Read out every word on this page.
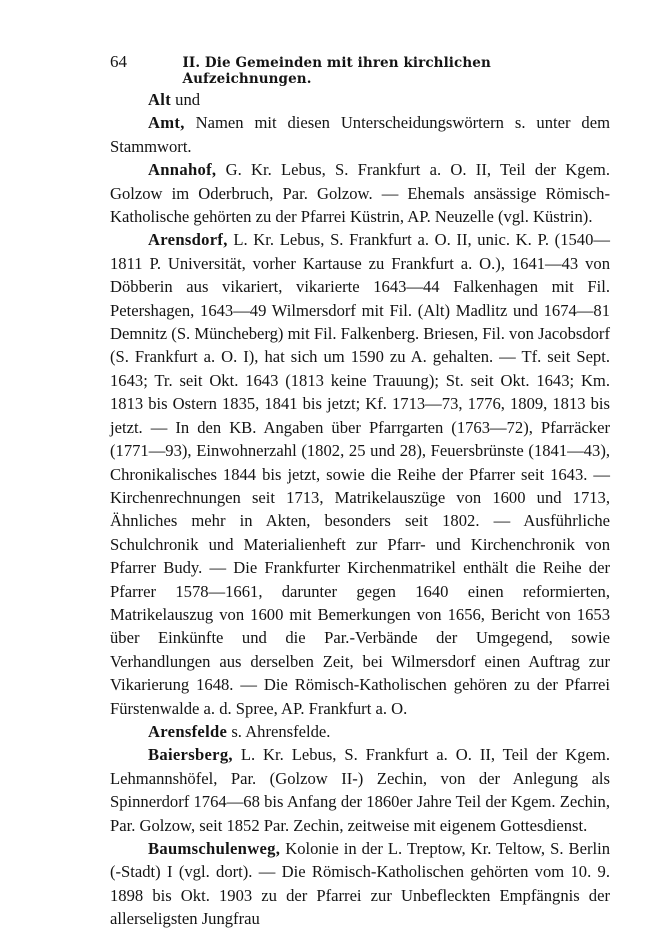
64	II. Die Gemeinden mit ihren kirchlichen Aufzeichnungen.

Alt und

Amt, Namen mit diesen Unterscheidungswörtern s. unter dem Stammwort.

Annahof, G. Kr. Lebus, S. Frankfurt a. O. II, Teil der Kgem. Golzow im Oderbruch, Par. Golzow. — Ehemals ansässige Römisch-Katholische gehörten zu der Pfarrei Küstrin, AP. Neuzelle (vgl. Küstrin).

Arensdorf, L. Kr. Lebus, S. Frankfurt a. O. II, unic. K. P. (1540—1811 P. Universität, vorher Kartause zu Frankfurt a. O.), 1641—43 von Döbberin aus vikariert, vikarierte 1643—44 Falkenhagen mit Fil. Petershagen, 1643—49 Wilmersdorf mit Fil. (Alt) Madlitz und 1674—81 Demnitz (S. Müncheberg) mit Fil. Falkenberg. Briesen, Fil. von Jacobsdorf (S. Frankfurt a. O. I), hat sich um 1590 zu A. gehalten. — Tf. seit Sept. 1643; Tr. seit Okt. 1643 (1813 keine Trauung); St. seit Okt. 1643; Km. 1813 bis Ostern 1835, 1841 bis jetzt; Kf. 1713—73, 1776, 1809, 1813 bis jetzt. — In den KB. Angaben über Pfarrgarten (1763—72), Pfarräcker (1771—93), Einwohnerzahl (1802, 25 und 28), Feuersbrünste (1841—43), Chronikalisches 1844 bis jetzt, sowie die Reihe der Pfarrer seit 1643. — Kirchenrechnungen seit 1713, Matrikelauszüge von 1600 und 1713, Ähnliches mehr in Akten, besonders seit 1802. — Ausführliche Schulchronik und Materialienheft zur Pfarr- und Kirchenchronik von Pfarrer Budy. — Die Frankfurter Kirchenmatrikel enthält die Reihe der Pfarrer 1578—1661, darunter gegen 1640 einen reformierten, Matrikelauszug von 1600 mit Bemerkungen von 1656, Bericht von 1653 über Einkünfte und die Par.-Verbände der Umgegend, sowie Verhandlungen aus derselben Zeit, bei Wilmersdorf einen Auftrag zur Vikarierung 1648. — Die Römisch-Katholischen gehören zu der Pfarrei Fürstenwalde a. d. Spree, AP. Frankfurt a. O.

Arensfelde s. Ahrensfelde.

Baiersberg, L. Kr. Lebus, S. Frankfurt a. O. II, Teil der Kgem. Lehmannshöfel, Par. (Golzow II-) Zechin, von der Anlegung als Spinnerdorf 1764—68 bis Anfang der 1860er Jahre Teil der Kgem. Zechin, Par. Golzow, seit 1852 Par. Zechin, zeitweise mit eigenem Gottesdienst.

Baumschulenweg, Kolonie in der L. Treptow, Kr. Teltow, S. Berlin (-Stadt) I (vgl. dort). — Die Römisch-Katholischen gehörten vom 10. 9. 1898 bis Okt. 1903 zu der Pfarrei zur Unbefleckten Empfängnis der allerseligsten Jungfrau
